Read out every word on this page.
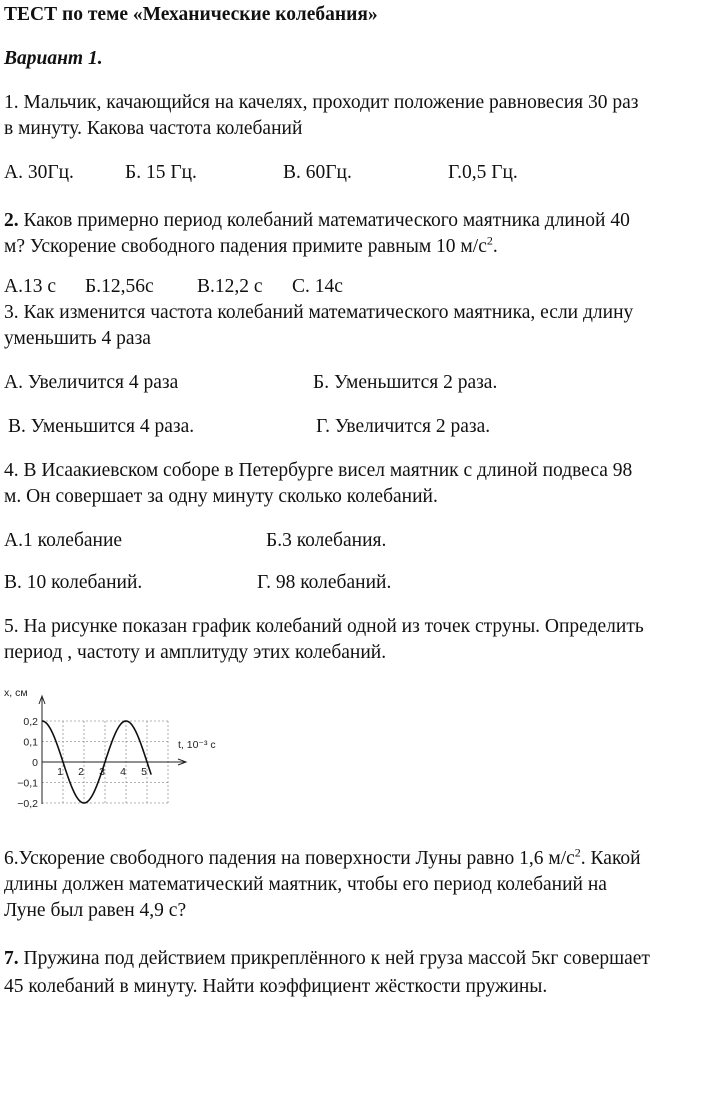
ТЕСТ по теме «Механические колебания»
Вариант 1.
1. Мальчик, качающийся на качелях, проходит положение равновесия 30 раз
в минуту. Какова частота колебаний
А. 30Гц.	Б. 15 Гц.	В. 60Гц.	Г.0,5 Гц.
2. Каков примерно период колебаний математического маятника длиной 40
м? Ускорение свободного падения примите равным 10 $м/с^2$.
А.13 с Б.12,56с В.12,2 с С. 14с
3. Как изменится частота колебаний математического маятника, если длину
уменьшить 4 раза
А. Увеличится 4 раза	Б. Уменьшится 2 раза.
В. Уменьшится 4 раза.	Г. Увеличится 2 раза.
4. В Исаакиевском соборе в Петербурге висел маятник с длиной подвеса 98
м. Он совершает за одну минуту сколько колебаний.
А.1 колебание	Б.3 колебания.
В. 10 колебаний.	Г. 98 колебаний.
5. На рисунке показан график колебаний одной из точек струны. Определить
период , частоту и амплитуду этих колебаний.
x, см
t, 10⁻³ с
0,2
0,1
0
−0,1
−0,2
1 2 3 4 5
6.Ускорение свободного падения на поверхности Луны равно 1,6 $м/с^2$. Какой
длины должен математический маятник, чтобы его период колебаний на
Луне был равен 4,9 с?
7. Пружина под действием прикреплённого к ней груза массой 5кг совершает
45 колебаний в минуту. Найти коэффициент жёсткости пружины.
